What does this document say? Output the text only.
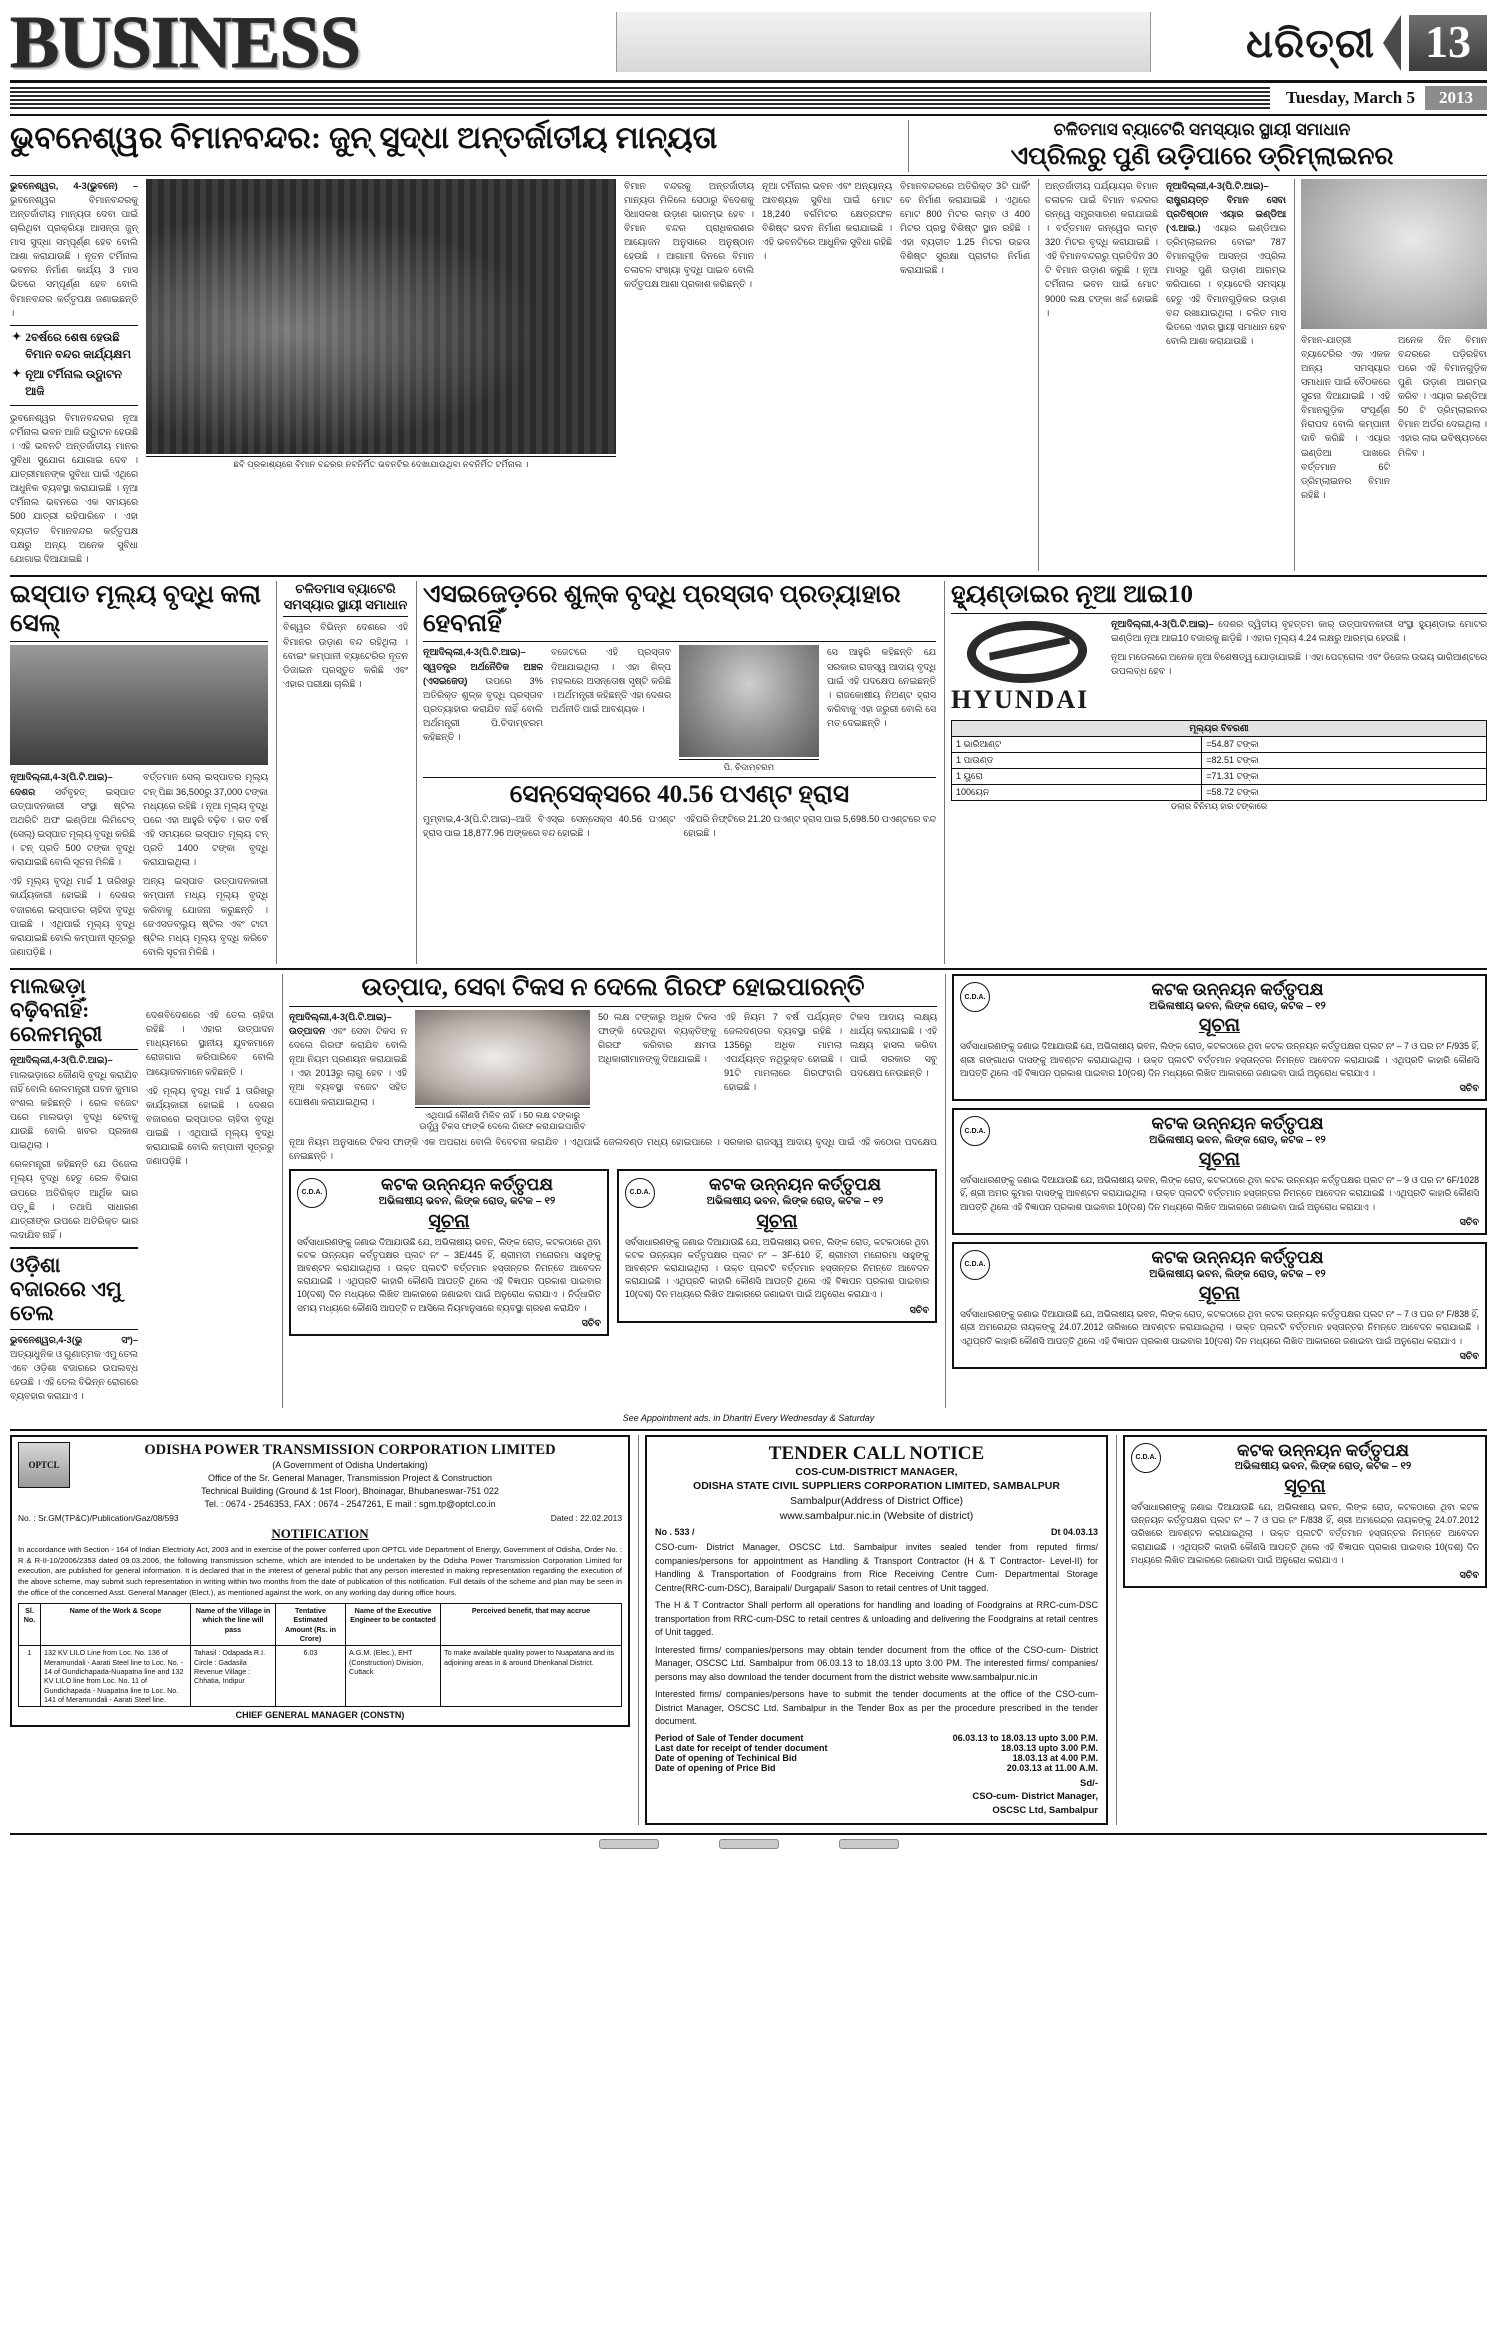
BUSINESS	ଧରିତ୍ରୀ	13
Tuesday, March 5	2013
ଭୁବନେଶ୍ୱର ବିମାନବନ୍ଦର: ଜୁନ୍ ସୁଦ୍ଧା ଅନ୍ତର୍ଜାତୀୟ ମାନ୍ୟତା	ଚଳିତମାସ ବ୍ୟାଟେରି ସମସ୍ୟାର ସ୍ଥାୟୀ ସମାଧାନ
ଏପ୍ରିଲରୁ ପୁଣି ଉଡ଼ିପାରେ ଡ୍ରିମ୍‌ଲାଇନର

ଭୁବନେଶ୍ୱର, 4-3(ଭୁବନେ) – ଭୁବନେଶ୍ୱର ବିମାନବନ୍ଦରକୁ ଅନ୍ତର୍ଜାତୀୟ ମାନ୍ୟତା ଦେବା ପାଇଁ ଚାଲିଥିବା ପ୍ରକ୍ରିୟା ଆସନ୍ତା ଜୁନ୍ ମାସ ସୁଦ୍ଧା ସମ୍ପୂର୍ଣ୍ଣ ହେବ ବୋଲି ଆଶା କରାଯାଉଛି । ନୂତନ ଟର୍ମିନାଲ ଭବନର ନିର୍ମାଣ କାର୍ଯ୍ୟ 3 ମାସ ଭିତରେ ସମ୍ପୂର୍ଣ୍ଣ ହେବ ବୋଲି ବିମାନବନ୍ଦର କର୍ତ୍ତୃପକ୍ଷ ଜଣାଇଛନ୍ତି ।

✦ 2ବର୍ଷରେ ଶେଷ ହେଉଛି ବିମାନ ବନ୍ଦର କାର୍ଯ୍ୟକ୍ଷମ
✦ ନୂଆ ଟର୍ମିନାଲ ଉଦ୍ଘାଟନ ଆଜି

ଭୁବନେଶ୍ୱର ବିମାନବନ୍ଦରର ନୂଆ ଟର୍ମିନାଲ ଭବନ ଆଜି ଉଦ୍ଘାଟନ ହେଉଛି । ଏହି ଭବନଟି ଅନ୍ତର୍ଜାତୀୟ ମାନର ସୁବିଧା ସୁଯୋଗ ଯୋଗାଇ ଦେବ । ଯାତ୍ରୀମାନଙ୍କ ସୁବିଧା ପାଇଁ ଏଥିରେ ଆଧୁନିକ ବ୍ୟବସ୍ଥା କରାଯାଇଛି । ନୂଆ ଟର୍ମିନାଲ ଭବନରେ ଏକ ସମୟରେ 500 ଯାତ୍ରୀ ରହିପାରିବେ । ଏହା ବ୍ୟତୀତ ବିମାନବନ୍ଦର କର୍ତ୍ତୃପକ୍ଷ ପକ୍ଷରୁ ଅନ୍ୟ ଅନେକ ସୁବିଧା ଯୋଗାଇ ଦିଆଯାଇଛି ।

ଛବି ପ୍ରକାଶ୍ୟରେ ବିମାନ ବନ୍ଦରର ନବନିର୍ମିତ ଭବନଟିର ଦେଖାଯାଉଥିବା ନବନିର୍ମିତ ଟର୍ମିନାଲ ।

ବିମାନ ବନ୍ଦରକୁ ଅନ୍ତର୍ଜାତୀୟ ମାନ୍ୟତା ମିଳିଲେ ସେଠାରୁ ବିଦେଶକୁ ସିଧାସଳଖ ଉଡ଼ାଣ ଭାରମ୍ଭ ହେବ । ବିମାନ ବନ୍ଦର ପ୍ରାଧିକରଣର ଆୟୋଜନ ଅନୁସାରେ ଅନୁଷ୍ଠାନ ହେଉଛି । ଆଗାମୀ ଦିନରେ ବିମାନ ଚଳାଚଳ ସଂଖ୍ୟା ବୃଦ୍ଧି ପାଇବ ବୋଲି କର୍ତ୍ତୃପକ୍ଷ ଆଶା ପ୍ରକାଶ କରିଛନ୍ତି ।

ନୂଆ ଟର୍ମିନାଲ ଭବନ ଏବଂ ଅନ୍ୟାନ୍ୟ ଆବଶ୍ୟକ ସୁବିଧା ପାଇଁ ମୋଟ 18,240 ବର୍ଗମିଟର କ୍ଷେତ୍ରଫଳ ବିଶିଷ୍ଟ ଭବନ ନିର୍ମାଣ କରାଯାଇଛି । ଏହି ଭବନଟିରେ ଆଧୁନିକ ସୁବିଧା ରହିଛି ।

ବିମାନବନ୍ଦରରେ ଅତିରିକ୍ତ 3ଟି ପାର୍କିଂ ବେ ନିର୍ମାଣ କରାଯାଇଛି । ଏଥିରେ ମୋଟ 800 ମିଟର ଲମ୍ବ ଓ 400 ମିଟର ପ୍ରସ୍ଥ ବିଶିଷ୍ଟ ସ୍ଥାନ ରହିଛି । ଏହା ବ୍ୟତୀତ 1.25 ମିଟର ଉଚ୍ଚତା ବିଶିଷ୍ଟ ସୁରକ୍ଷା ପ୍ରାଚୀର ନିର୍ମାଣ କରାଯାଇଛି ।

ଅନ୍ତର୍ଜାତୀୟ ପର୍ଯ୍ୟାୟର ବିମାନ ଚଳାଚଳ ପାଇଁ ବିମାନ ବନ୍ଦରର ରନ୍‌ୱେ ସମ୍ପ୍ରସାରଣ କରାଯାଇଛି । ବର୍ତ୍ତମାନ ରନ୍‌ୱେର ଲମ୍ବ 320 ମିଟର ବୃଦ୍ଧି କରାଯାଇଛି । ଏହି ବିମାନବନ୍ଦରରୁ ପ୍ରତିଦିନ 30 ଟି ବିମାନ ଉଡ଼ାଣ କରୁଛି । ନୂଆ ଟର୍ମିନାଲ ଭବନ ପାଇଁ ମୋଟ 9000 ଲକ୍ଷ ଟଙ୍କା ଖର୍ଚ୍ଚ ହୋଇଛି ।

ନୂଆଦିଲ୍ଲୀ,4-3(ପି.ଟି.ଆଇ)–ରାଷ୍ଟ୍ରାୟତ୍ତ ବିମାନ ସେବା ପ୍ରତିଷ୍ଠାନ ଏୟାର ଇଣ୍ଡିଆ (ଏ.ଆଇ.) ଏୟାର ଇଣ୍ଡିଆର ଡ୍ରିମ୍‌ଲାଇନର ବୋଇଂ 787 ବିମାନଗୁଡ଼ିକ ଆସନ୍ତା ଏପ୍ରିଲ ମାସରୁ ପୁଣି ଉଡ଼ାଣ ଆରମ୍ଭ କରିପାରେ । ବ୍ୟାଟେରି ସମସ୍ୟା ହେତୁ ଏହି ବିମାନଗୁଡ଼ିକର ଉଡ଼ାଣ ବନ୍ଦ ରଖାଯାଇଥିଲା । ଚଳିତ ମାସ ଭିତରେ ଏହାର ସ୍ଥାୟୀ ସମାଧାନ ହେବ ବୋଲି ଆଶା କରାଯାଉଛି ।	ବିମାନ-ଯାତ୍ରୀ ବ୍ୟାଟେରିର ଏକ ଏକକ ଅନ୍ୟ ସମସ୍ୟାର ସମାଧାନ ପାଇଁ ବୈଠକରେ ସୁଚନା ଦିଆଯାଇଛି । ଏହି ବିମାନଗୁଡ଼ିକ ସଂପୂର୍ଣ୍ଣ ନିରାପଦ ବୋଲି କମ୍ପାନୀ ଦାବି କରିଛି । ଏୟାର ଇଣ୍ଡିଆ ପାଖରେ ବର୍ତ୍ତମାନ 6ଟି ଡ୍ରିମ୍‌ଲାଇନର ବିମାନ ରହିଛି ।

ଅନେକ ଦିନ ବିମାନ ବନ୍ଦରରେ ପଡ଼ିରହିବା ପରେ ଏହି ବିମାନଗୁଡ଼ିକ ପୁଣି ଉଡ଼ାଣ ଆରମ୍ଭ କରିବ । ଏୟାର ଇଣ୍ଡିଆ 50 ଟି ଡ୍ରିମ୍‌ଲାଇନର ବିମାନ ଅର୍ଡର ଦେଇଥିଲା । ଏହାର ଲାଭ ଭବିଷ୍ୟତରେ ମିଳିବ ।

ଇସ୍ପାତ ମୂଲ୍ୟ ବୃଦ୍ଧି କଲା ସେଲ୍

ନୂଆଦିଲ୍ଲୀ,4-3(ପି.ଟି.ଆଇ)–ଦେଶର ସର୍ବବୃହତ୍ ଇସ୍ପାତ ଉତ୍ପାଦନକାରୀ ସଂସ୍ଥା ଷ୍ଟିଲ ଅଥରିଟି ଅଫ ଇଣ୍ଡିଆ ଲିମିଟେଡ୍ (ସେଲ୍) ଇସ୍ପାତ ମୂଲ୍ୟ ବୃଦ୍ଧି କରିଛି । ଟନ୍ ପ୍ରତି 500 ଟଙ୍କା ବୃଦ୍ଧି କରାଯାଇଛି ବୋଲି ସୂଚନା ମିଳିଛି ।

ଏହି ମୂଲ୍ୟ ବୃଦ୍ଧି ମାର୍ଚ୍ଚ 1 ତାରିଖରୁ କାର୍ଯ୍ୟକାରୀ ହୋଇଛି । ଦେଶର ବଜାରରେ ଇସ୍ପାତର ଚାହିଦା ବୃଦ୍ଧି ପାଇଛି । ଏଥିପାଇଁ ମୂଲ୍ୟ ବୃଦ୍ଧି କରାଯାଇଛି ବୋଲି କମ୍ପାନୀ ସୂତ୍ରରୁ ଜଣାପଡ଼ିଛି ।

ବର୍ତ୍ତମାନ ସେଲ୍ ଇସ୍ପାତର ମୂଲ୍ୟ ଟନ୍ ପିଛା 36,500ରୁ 37,000 ଟଙ୍କା ମଧ୍ୟରେ ରହିଛି । ନୂଆ ମୂଲ୍ୟ ବୃଦ୍ଧି ପରେ ଏହା ଆହୁରି ବଢ଼ିବ । ଗତ ବର୍ଷ ଏହି ସମୟରେ ଇସ୍ପାତ ମୂଲ୍ୟ ଟନ୍ ପ୍ରତି 1400 ଟଙ୍କା ବୃଦ୍ଧି କରାଯାଇଥିଲା ।

ଅନ୍ୟ ଇସ୍ପାତ ଉତ୍ପାଦନକାରୀ କମ୍ପାନୀ ମଧ୍ୟ ମୂଲ୍ୟ ବୃଦ୍ଧି କରିବାକୁ ଯୋଜନା କରୁଛନ୍ତି । ଜେଏସଡବ୍ଲ୍ୟୁ ଷ୍ଟିଲ ଏବଂ ଟାଟା ଷ୍ଟିଲ ମଧ୍ୟ ମୂଲ୍ୟ ବୃଦ୍ଧି କରିବେ ବୋଲି ସୂଚନା ମିଳିଛି ।

ଚଳିତମାସ ବ୍ୟାଟେରି ସମସ୍ୟାର ସ୍ଥାୟୀ ସମାଧାନ

ବିଶ୍ୱର ବିଭିନ୍ନ ଦେଶରେ ଏହି ବିମାନର ଉଡ଼ାଣ ବନ୍ଦ ରହିଥିଲା । ବୋଇଂ କମ୍ପାନୀ ବ୍ୟାଟେରିର ନୂତନ ଡିଜାଇନ ପ୍ରସ୍ତୁତ କରିଛି ଏବଂ ଏହାର ପରୀକ୍ଷା ଚାଲିଛି ।

ଏସଇଜେଡ଼ରେ ଶୁଳ୍କ ବୃଦ୍ଧି ପ୍ରସ୍ତାବ ପ୍ରତ୍ୟାହାର ହେବନାହିଁ

ନୂଆଦିଲ୍ଲୀ,4-3(ପି.ଟି.ଆଇ)–ସ୍ୱତନ୍ତ୍ର ଅର୍ଥନୈତିକ ଅଞ୍ଚଳ (ଏସଇଜେଡ୍) ଉପରେ 3% ଅତିରିକ୍ତ ଶୁଳ୍କ ବୃଦ୍ଧି ପ୍ରସ୍ତାବ ପ୍ରତ୍ୟାହାର କରାଯିବ ନାହିଁ ବୋଲି ଅର୍ଥମନ୍ତ୍ରୀ ପି.ଚିଦାମ୍ବରମ କହିଛନ୍ତି ।

ବଜେଟରେ ଏହି ପ୍ରସ୍ତାବ ଦିଆଯାଇଥିଲା । ଏହା ଶିଳ୍ପ ମହଲରେ ଅସନ୍ତୋଷ ସୃଷ୍ଟି କରିଛି । ଅର୍ଥମନ୍ତ୍ରୀ କହିଛନ୍ତି ଏହା ଦେଶର ଅର୍ଥନୀତି ପାଇଁ ଆବଶ୍ୟକ ।

ପି. ଚିଦାମ୍ବରମ

ସେ ଆହୁରି କହିଛନ୍ତି ଯେ ସରକାର ରାଜସ୍ୱ ଆଦାୟ ବୃଦ୍ଧି ପାଇଁ ଏହି ପଦକ୍ଷେପ ନେଇଛନ୍ତି । ରାଜକୋଷୀୟ ନିଅଣ୍ଟ ହ୍ରାସ କରିବାକୁ ଏହା ଜରୁରୀ ବୋଲି ସେ ମତ ଦେଇଛନ୍ତି ।

ସେନ୍‌ସେକ୍ସରେ 40.56 ପଏଣ୍ଟ ହ୍ରାସ

ମୁମ୍ବାଇ,4-3(ପି.ଟି.ଆଇ)–ଆଜି ବିଏସ୍ଇ ସେନ୍‌ସେକ୍ସ 40.56 ପଏଣ୍ଟ ହ୍ରାସ ପାଇ 18,877.96 ଅଙ୍କରେ ବନ୍ଦ ହୋଇଛି ।

ଏହିପରି ନିଫ୍‌ଟିରେ 21.20 ପଏଣ୍ଟ ହ୍ରାସ ପାଇ 5,698.50 ପଏଣ୍ଟରେ ବନ୍ଦ ହୋଇଛି ।

ହ୍ୟୁଣ୍ଡାଇର ନୂଆ ଆଇ10
HYUNDAI

ନୂଆଦିଲ୍ଲୀ,4-3(ପି.ଟି.ଆଇ)– ଦେଶର ଦ୍ୱିତୀୟ ବୃହତ୍ତମ କାର୍ ଉତ୍ପାଦନକାରୀ ସଂସ୍ଥା ହ୍ୟୁଣ୍ଡାଇ ମୋଟର ଇଣ୍ଡିଆ ନୂଆ ଆଇ10 ବଜାରକୁ ଛାଡ଼ିଛି । ଏହାର ମୂଲ୍ୟ 4.24 ଲକ୍ଷରୁ ଆରମ୍ଭ ହେଉଛି ।

ନୂଆ ମଡେଲରେ ଅନେକ ନୂଆ ବିଶେଷତ୍ୱ ଯୋଡ଼ାଯାଇଛି । ଏହା ପେଟ୍ରୋଲ ଏବଂ ଡିଜେଲ ଉଭୟ ଭାରିଆଣ୍ଟରେ ଉପଲବ୍ଧ ହେବ ।

ମୂଲ୍ୟର ବିବରଣୀ	
1 ଭାରିଆଣ୍ଟ	=54.87 ଟଙ୍କା
1 ପାଉଣ୍ଡ	=82.51 ଟଙ୍କା
1 ୟୁରୋ	=71.31 ଟଙ୍କା
100ୟେନ	=58.72 ଟଙ୍କା
ଡଲାର ବିନିମୟ ହାର ଟଙ୍କାରେ
ମାଲଭଡ଼ା ବଢ଼ିବନାହିଁ: ରେଳମନ୍ତ୍ରୀ

ନୂଆଦିଲ୍ଲୀ,4-3(ପି.ଟି.ଆଇ)– ମାଲଭଡ଼ାରେ କୌଣସି ବୃଦ୍ଧି କରାଯିବ ନାହିଁ ବୋଲି ରେଳମନ୍ତ୍ରୀ ପବନ କୁମାର ବଂଶଲ କହିଛନ୍ତି । ରେଳ ବଜେଟ ପରେ ମାଲଭଡ଼ା ବୃଦ୍ଧି ହେବାକୁ ଯାଉଛି ବୋଲି ଖବର ପ୍ରକାଶ ପାଇଥିଲା ।

ରେଳମନ୍ତ୍ରୀ କହିଛନ୍ତି ଯେ ଡିଜେଲ ମୂଲ୍ୟ ବୃଦ୍ଧି ହେତୁ ରେଳ ବିଭାଗ ଉପରେ ଅତିରିକ୍ତ ଆର୍ଥିକ ଭାର ପଡ଼ୁଛି । ତଥାପି ସାଧାରଣ ଯାତ୍ରୀଙ୍କ ଉପରେ ଅତିରିକ୍ତ ଭାର ଲଦାଯିବ ନାହିଁ ।

ଓଡ଼ିଶା ବଜାରରେ ଏମୁ ତେଲ

ଭୁବନେଶ୍ୱର,4-3(ଭୁ ସଂ)– ଅତ୍ୟାଧୁନିକ ଓ ଗୁଣାତ୍ମକ ଏମୁ ତେଲ ଏବେ ଓଡ଼ିଶା ବଜାରରେ ଉପଲବ୍ଧ ହେଉଛି । ଏହି ତେଲ ବିଭିନ୍ନ ରୋଗରେ ବ୍ୟବହାର କରାଯାଏ ।

ଦେଶବିଦେଶରେ ଏହି ତେଲ ଚାହିଦା ରହିଛି । ଏହାର ଉତ୍ପାଦନ ମାଧ୍ୟମରେ ସ୍ଥାନୀୟ ଯୁବକମାନେ ରୋଜଗାର କରିପାରିବେ ବୋଲି ଆୟୋଜକମାନେ କହିଛନ୍ତି ।

ଏହି ମୂଲ୍ୟ ବୃଦ୍ଧି ମାର୍ଚ୍ଚ 1 ତାରିଖରୁ କାର୍ଯ୍ୟକାରୀ ହୋଇଛି । ଦେଶର ବଜାରରେ ଇସ୍ପାତର ଚାହିଦା ବୃଦ୍ଧି ପାଇଛି । ଏଥିପାଇଁ ମୂଲ୍ୟ ବୃଦ୍ଧି କରାଯାଇଛି ବୋଲି କମ୍ପାନୀ ସୂତ୍ରରୁ ଜଣାପଡ଼ିଛି ।

ଉତ୍ପାଦ, ସେବା ଟିକସ ନ ଦେଲେ ଗିରଫ ହୋଇପାରନ୍ତି

ନୂଆଦିଲ୍ଲୀ,4-3(ପି.ଟି.ଆଇ)–ଉତ୍ପାଦନ ଏବଂ ସେବା ଟିକସ ନ ଦେଲେ ଗିରଫ କରାଯିବ ବୋଲି ନୂଆ ନିୟମ ପ୍ରଣୟନ କରାଯାଇଛି । ଏହା 2013ରୁ ଲାଗୁ ହେବ । ଏହି ନୂଆ ବ୍ୟବସ୍ଥା ବଜେଟ ସହିତ ଘୋଷଣା କରାଯାଇଥିଲା ।

ଏଥିପାଇଁ କୌଣସି ମିଳିବ ନାହିଁ । 50 ଲକ୍ଷ ଟଙ୍କାରୁ ଊର୍ଦ୍ଧ୍ୱ ଟିକସ ଫାଙ୍କି ଦେଲେ ଗିରଫ କରାଯାଇପାରିବ

50 ଲକ୍ଷ ଟଙ୍କାରୁ ଅଧିକ ଟିକସ ଫାଙ୍କି ଦେଉଥିବା ବ୍ୟକ୍ତିଙ୍କୁ ଗିରଫ କରିବାର କ୍ଷମତା ଅଧିକାରୀମାନଙ୍କୁ ଦିଆଯାଇଛି ।

ଏହି ନିୟମ 7 ବର୍ଷ ପର୍ଯ୍ୟନ୍ତ ଜେଲଦଣ୍ଡର ବ୍ୟବସ୍ଥା ରହିଛି । 1356ରୁ ଅଧିକ ମାମଲା ଏପର୍ଯ୍ୟନ୍ତ ନଥିଭୁକ୍ତ ହୋଇଛି । 91ଟି ମାମଲାରେ ଗିରଫଦାରି ହୋଇଛି ।

ଟିକସ ଆଦାୟ ଲକ୍ଷ୍ୟ ଧାର୍ଯ୍ୟ କରାଯାଇଛି । ଏହି ଲକ୍ଷ୍ୟ ହାସଲ କରିବା ପାଇଁ ସରକାର ସବୁ ପଦକ୍ଷେପ ନେଉଛନ୍ତି ।

ନୂଆ ନିୟମ ଅନୁସାରେ ଟିକସ ଫାଙ୍କି ଏକ ଅପରାଧ ବୋଲି ବିବେଚନା କରାଯିବ । ଏଥିପାଇଁ ଜେଲଦଣ୍ଡ ମଧ୍ୟ ହୋଇପାରେ । ସରକାର ରାଜସ୍ୱ ଆଦାୟ ବୃଦ୍ଧି ପାଇଁ ଏହି କଠୋର ପଦକ୍ଷେପ ନେଇଛନ୍ତି ।

C.D.A.	କଟକ ଉନ୍ନୟନ କର୍ତ୍ତୃପକ୍ଷ
ଅଭିଳାଷୀୟ ଭବନ, ଲିଙ୍କ ରୋଡ୍, କଟକ – ୧୨
ସୂଚନା
ସର୍ବସାଧାରଣଙ୍କୁ ଜଣାଇ ଦିଆଯାଉଛି ଯେ, ଅଭିଳାଷୀୟ ଭବନ, ଲିଙ୍କ ରୋଡ୍, କଟକଠାରେ ଥିବା କଟକ ଉନ୍ନୟନ କର୍ତ୍ତୃପକ୍ଷର ପ୍ଲଟ ନଂ – 3E/445 ହିଁ, ଶ୍ରୀମତୀ ମନୋରମା ସାହୁଙ୍କୁ ଆବଣ୍ଟନ କରାଯାଇଥିଲା । ଉକ୍ତ ପ୍ଲଟଟି ବର୍ତ୍ତମାନ ହସ୍ତାନ୍ତର ନିମନ୍ତେ ଆବେଦନ କରାଯାଇଛି । ଏଥିପ୍ରତି କାହାରି କୌଣସି ଆପତ୍ତି ଥିଲେ ଏହି ବିଜ୍ଞାପନ ପ୍ରକାଶ ପାଇବାର 10(ଦଶ) ଦିନ ମଧ୍ୟରେ ଲିଖିତ ଆକାରରେ ଜଣାଇବା ପାଇଁ ଅନୁରୋଧ କରାଯାଏ । ନିର୍ଦ୍ଧାରିତ ସମୟ ମଧ୍ୟରେ କୌଣସି ଆପତ୍ତି ନ ଆସିଲେ ନିୟମାନୁସାରେ ବ୍ୟବସ୍ଥା ଗ୍ରହଣ କରାଯିବ ।
ସଚିବ
C.D.A.	କଟକ ଉନ୍ନୟନ କର୍ତ୍ତୃପକ୍ଷ
ଅଭିଳାଷୀୟ ଭବନ, ଲିଙ୍କ ରୋଡ୍, କଟକ – ୧୨
ସୂଚନା
ସର୍ବସାଧାରଣଙ୍କୁ ଜଣାଇ ଦିଆଯାଉଛି ଯେ, ଅଭିଳାଷୀୟ ଭବନ, ଲିଙ୍କ ରୋଡ୍, କଟକଠାରେ ଥିବା କଟକ ଉନ୍ନୟନ କର୍ତ୍ତୃପକ୍ଷର ପ୍ଲଟ ନଂ – 3F-610 ହିଁ, ଶ୍ରୀମତୀ ମନୋରମା ସାହୁଙ୍କୁ ଆବଣ୍ଟନ କରାଯାଇଥିଲା । ଉକ୍ତ ପ୍ଲଟଟି ବର୍ତ୍ତମାନ ହସ୍ତାନ୍ତର ନିମନ୍ତେ ଆବେଦନ କରାଯାଇଛି । ଏଥିପ୍ରତି କାହାରି କୌଣସି ଆପତ୍ତି ଥିଲେ ଏହି ବିଜ୍ଞାପନ ପ୍ରକାଶ ପାଇବାର 10(ଦଶ) ଦିନ ମଧ୍ୟରେ ଲିଖିତ ଆକାରରେ ଜଣାଇବା ପାଇଁ ଅନୁରୋଧ କରାଯାଏ ।
ସଚିବ
C.D.A.	କଟକ ଉନ୍ନୟନ କର୍ତ୍ତୃପକ୍ଷ
ଅଭିଳାଷୀୟ ଭବନ, ଲିଙ୍କ ରୋଡ୍, କଟକ – ୧୨
ସୂଚନା
ସର୍ବସାଧାରଣଙ୍କୁ ଜଣାଇ ଦିଆଯାଉଛି ଯେ, ଅଭିଳାଷୀୟ ଭବନ, ଲିଙ୍କ ରୋଡ୍, କଟକଠାରେ ଥିବା କଟକ ଉନ୍ନୟନ କର୍ତ୍ତୃପକ୍ଷର ପ୍ଲଟ ନଂ – 7 ଓ ଘର ନଂ F/935 ହିଁ, ଶ୍ରୀ ଗଙ୍ଗାଧର ଦାସଙ୍କୁ ଆବଣ୍ଟନ କରାଯାଇଥିଲା । ଉକ୍ତ ପ୍ଲଟଟି ବର୍ତ୍ତମାନ ହସ୍ତାନ୍ତର ନିମନ୍ତେ ଆବେଦନ କରାଯାଇଛି । ଏଥିପ୍ରତି କାହାରି କୌଣସି ଆପତ୍ତି ଥିଲେ ଏହି ବିଜ୍ଞାପନ ପ୍ରକାଶ ପାଇବାର 10(ଦଶ) ଦିନ ମଧ୍ୟରେ ଲିଖିତ ଆକାରରେ ଜଣାଇବା ପାଇଁ ଅନୁରୋଧ କରାଯାଏ ।
ସଚିବ
C.D.A.	କଟକ ଉନ୍ନୟନ କର୍ତ୍ତୃପକ୍ଷ
ଅଭିଳାଷୀୟ ଭବନ, ଲିଙ୍କ ରୋଡ୍, କଟକ – ୧୨
ସୂଚନା
ସର୍ବସାଧାରଣଙ୍କୁ ଜଣାଇ ଦିଆଯାଉଛି ଯେ, ଅଭିଳାଷୀୟ ଭବନ, ଲିଙ୍କ ରୋଡ୍, କଟକଠାରେ ଥିବା କଟକ ଉନ୍ନୟନ କର୍ତ୍ତୃପକ୍ଷର ପ୍ଲଟ ନଂ – 9 ଓ ଘର ନଂ 6F/1028 ହିଁ, ଶ୍ରୀ ଅମର କୁମାର ଦାସଙ୍କୁ ଆବଣ୍ଟନ କରାଯାଇଥିଲା । ଉକ୍ତ ପ୍ଲଟଟି ବର୍ତ୍ତମାନ ହସ୍ତାନ୍ତର ନିମନ୍ତେ ଆବେଦନ କରାଯାଇଛି । ଏଥିପ୍ରତି କାହାରି କୌଣସି ଆପତ୍ତି ଥିଲେ ଏହି ବିଜ୍ଞାପନ ପ୍ରକାଶ ପାଇବାର 10(ଦଶ) ଦିନ ମଧ୍ୟରେ ଲିଖିତ ଆକାରରେ ଜଣାଇବା ପାଇଁ ଅନୁରୋଧ କରାଯାଏ ।
ସଚିବ
C.D.A.	କଟକ ଉନ୍ନୟନ କର୍ତ୍ତୃପକ୍ଷ
ଅଭିଳାଷୀୟ ଭବନ, ଲିଙ୍କ ରୋଡ୍, କଟକ – ୧୨
ସୂଚନା
ସର୍ବସାଧାରଣଙ୍କୁ ଜଣାଇ ଦିଆଯାଉଛି ଯେ, ଅଭିଳାଷୀୟ ଭବନ, ଲିଙ୍କ ରୋଡ୍, କଟକଠାରେ ଥିବା କଟକ ଉନ୍ନୟନ କର୍ତ୍ତୃପକ୍ଷର ପ୍ଲଟ ନଂ – 7 ଓ ଘର ନଂ F/838 ହିଁ, ଶ୍ରୀ ଅମରେନ୍ଦ୍ର ନାୟକଙ୍କୁ 24.07.2012 ତାରିଖରେ ଆବଣ୍ଟନ କରାଯାଇଥିଲା । ଉକ୍ତ ପ୍ଲଟଟି ବର୍ତ୍ତମାନ ହସ୍ତାନ୍ତର ନିମନ୍ତେ ଆବେଦନ କରାଯାଇଛି । ଏଥିପ୍ରତି କାହାରି କୌଣସି ଆପତ୍ତି ଥିଲେ ଏହି ବିଜ୍ଞାପନ ପ୍ରକାଶ ପାଇବାର 10(ଦଶ) ଦିନ ମଧ୍ୟରେ ଲିଖିତ ଆକାରରେ ଜଣାଇବା ପାଇଁ ଅନୁରୋଧ କରାଯାଏ ।
ସଚିବ
See Appointment ads. in Dharitri Every Wednesday & Saturday
OPTCL
ODISHA POWER TRANSMISSION CORPORATION LIMITED
(A Government of Odisha Undertaking)
Office of the Sr. General Manager, Transmission Project & Construction
Technical Building (Ground & 1st Floor), Bhoinagar, Bhubaneswar-751 022
Tel. : 0674 - 2546353, FAX : 0674 - 2547261, E mail : sgm.tp@optcl.co.in
No. : Sr.GM(TP&C)/Publication/Gaz/08/593	Dated : 22.02.2013
NOTIFICATION
In accordance with Section - 164 of Indian Electricity Act, 2003 and in exercise of the power conferred upon OPTCL vide Department of Energy, Government of Odisha, Order No. : R & R-II-10/2006/2353 dated 09.03.2006, the following transmission scheme, which are intended to be undertaken by the Odisha Power Transmission Corporation Limited for execution, are published for general information. It is declared that in the interest of general public that any person interested in making representation regarding the execution of the above scheme, may submit such representation in writing within two months from the date of publication of this notification. Full details of the scheme and plan may be seen in the office of the concerned Asst. General Manager (Elect.), as mentioned against the work, on any working day during office hours.
Sl. No.	Name of the Work & Scope	Name of the Village in which the line will pass	Tentative Estimated Amount (Rs. in Crore)	Name of the Executive Engineer to be contacted	Perceived benefit, that may accrue
1	132 KV LILO Line from Loc. No. 136 of Meramundali - Aarati Steel line to Loc. No. - 14 of Gundichapada-Nuapatna line and 132 KV LILO line from Loc. No. 11 of Gundichapada - Nuapatna line to Loc. No. 141 of Meramundali - Aarati Steel line.	Tahasil : Odapada R.I. Circle : Gadasila Revenue Village : Chhatia, Indipur	6.03	A.G.M. (Elec.), EHT (Construction) Division, Cuttack	To make available quality power to Nuapatana and its adjoining areas in & around Dhenkanal District.
CHIEF GENERAL MANAGER (CONSTN)
TENDER CALL NOTICE
COS-CUM-DISTRICT MANAGER,
ODISHA STATE CIVIL SUPPLIERS CORPORATION LIMITED, SAMBALPUR
Sambalpur(Address of District Office)
www.sambalpur.nic.in (Website of district)
No . 533 /	Dt 04.03.13
CSO-cum- District Manager, OSCSC Ltd. Sambalpur invites sealed tender from reputed firms/ companies/persons for appointment as Handling & Transport Contractor (H & T Contractor- Level-II) for Handling & Transportation of Foodgrains from Rice Receiving Centre Cum- Departmental Storage Centre(RRC-cum-DSC), Baraipali/ Durgapali/ Sason to retail centres of Unit tagged.
The H & T Contractor Shall perform all operations for handling and loading of Foodgrains at RRC-cum-DSC transportation from RRC-cum-DSC to retail centres & unloading and delivering the Foodgrains at retail centres of Unit tagged.
Interested firms/ companies/persons may obtain tender document from the office of the CSO-cum- District Manager, OSCSC Ltd. Sambalpur from 06.03.13 to 18.03.13 upto 3.00 PM. The interested firms/ companies/ persons may also download the tender document from the district website www.sambalpur.nic.in
Interested firms/ companies/persons have to submit the tender documents at the office of the CSO-cum- District Manager, OSCSC Ltd. Sambalpur in the Tender Box as per the procedure prescribed in the tender document.
Period of Sale of Tender document	06.03.13 to 18.03.13 upto 3.00 P.M.
Last date for receipt of tender document	18.03.13 upto 3.00 P.M.
Date of opening of Techinical Bid	18.03.13 at 4.00 P.M.
Date of opening of Price Bid	20.03.13 at 11.00 A.M.
Sd/-
CSO-cum- District Manager,
OSCSC Ltd, Sambalpur
C.D.A.	କଟକ ଉନ୍ନୟନ କର୍ତ୍ତୃପକ୍ଷ
ଅଭିଳାଷୀୟ ଭବନ, ଲିଙ୍କ ରୋଡ୍, କଟକ – ୧୨
ସୂଚନା
ସର୍ବସାଧାରଣଙ୍କୁ ଜଣାଇ ଦିଆଯାଉଛି ଯେ, ଅଭିଳାଷୀୟ ଭବନ, ଲିଙ୍କ ରୋଡ୍, କଟକଠାରେ ଥିବା କଟକ ଉନ୍ନୟନ କର୍ତ୍ତୃପକ୍ଷର ପ୍ଲଟ ନଂ – 7 ଓ ଘର ନଂ F/838 ହିଁ, ଶ୍ରୀ ଅମରେନ୍ଦ୍ର ନାୟକଙ୍କୁ 24.07.2012 ତାରିଖରେ ଆବଣ୍ଟନ କରାଯାଇଥିଲା । ଉକ୍ତ ପ୍ଲଟଟି ବର୍ତ୍ତମାନ ହସ୍ତାନ୍ତର ନିମନ୍ତେ ଆବେଦନ କରାଯାଇଛି । ଏଥିପ୍ରତି କାହାରି କୌଣସି ଆପତ୍ତି ଥିଲେ ଏହି ବିଜ୍ଞାପନ ପ୍ରକାଶ ପାଇବାର 10(ଦଶ) ଦିନ ମଧ୍ୟରେ ଲିଖିତ ଆକାରରେ ଜଣାଇବା ପାଇଁ ଅନୁରୋଧ କରାଯାଏ ।
ସଚିବ
